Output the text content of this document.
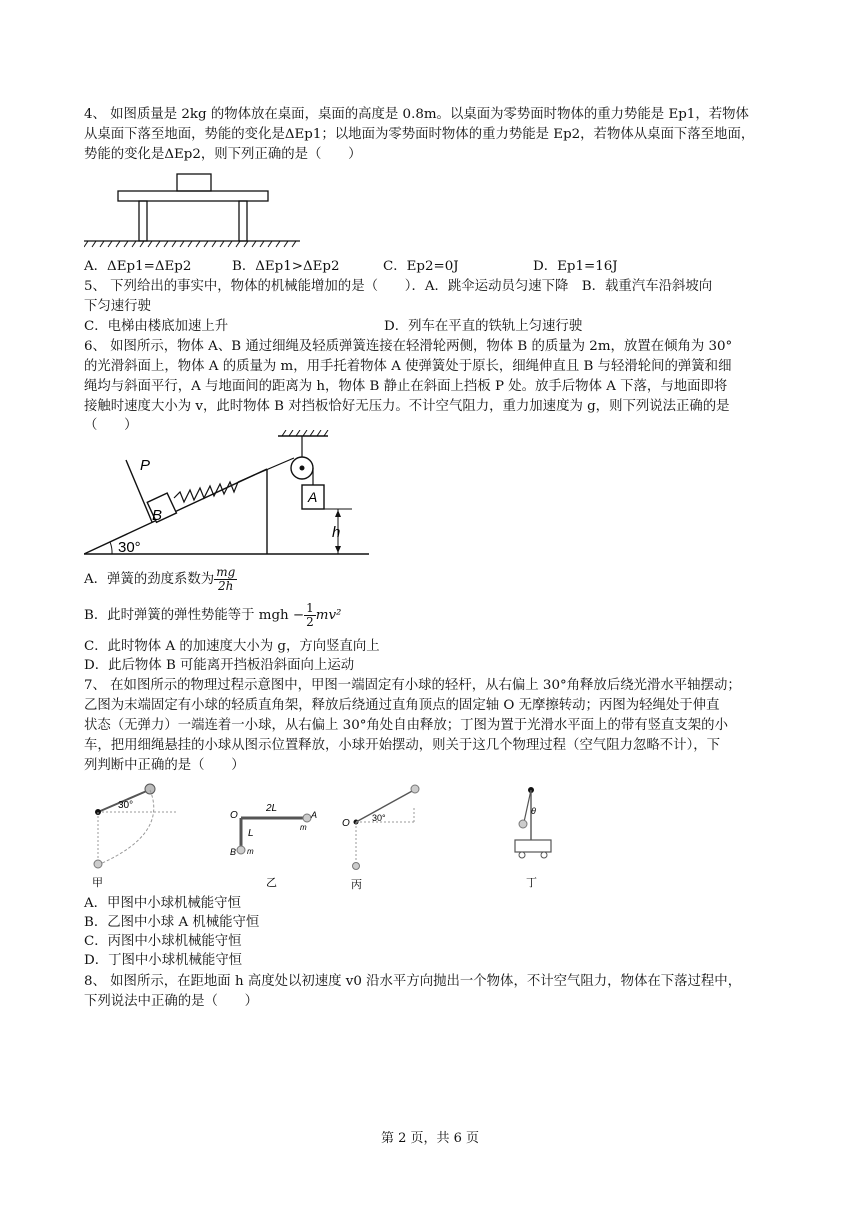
4、 如图质量是 2kg 的物体放在桌面，桌面的高度是 0.8m。以桌面为零势面时物体的重力势能是 Ep1，若物体
从桌面下落至地面，势能的变化是ΔEp1；以地面为零势面时物体的重力势能是 Ep2，若物体从桌面下落至地面，
势能的变化是ΔEp2，则下列正确的是（　　）
A．ΔEp1=ΔEp2	B．ΔEp1>ΔEp2	C．Ep2=0J	D．Ep1=16J
5、 下列给出的事实中，物体的机械能增加的是（　　）．A．跳伞运动员匀速下降　B．载重汽车沿斜坡向
下匀速行驶
C．电梯由楼底加速上升	D．列车在平直的铁轨上匀速行驶
6、 如图所示，物体 A、B 通过细绳及轻质弹簧连接在轻滑轮两侧，物体 B 的质量为 2m，放置在倾角为 30°
的光滑斜面上，物体 A 的质量为 m，用手托着物体 A 使弹簧处于原长，细绳伸直且 B 与轻滑轮间的弹簧和细
绳均与斜面平行，A 与地面间的距离为 h，物体 B 静止在斜面上挡板 P 处。放手后物体 A 下落，与地面即将
接触时速度大小为 v，此时物体 B 对挡板恰好无压力。不计空气阻力，重力加速度为 g，则下列说法正确的是
（　　）
30°
P
B
A
h
A．弹簧的劲度系数为 $\frac{mg}{2h}$
B．此时弹簧的弹性势能等于 mgh − $\frac{1}{2} mv^2$
C．此时物体 A 的加速度大小为 g，方向竖直向上
D．此后物体 B 可能离开挡板沿斜面向上运动
7、 在如图所示的物理过程示意图中，甲图一端固定有小球的轻杆，从右偏上 30°角释放后绕光滑水平轴摆动；
乙图为末端固定有小球的轻质直角架，释放后绕通过直角顶点的固定轴 O 无摩擦转动；丙图为轻绳处于伸直
状态（无弹力）一端连着一小球，从右偏上 30°角处自由释放；丁图为置于光滑水平面上的带有竖直支架的小
车，把用细绳悬挂的小球从图示位置释放，小球开始摆动，则关于这几个物理过程（空气阻力忽略不计），下
列判断中正确的是（　　）
30°
甲
O
2L
A
m
L
B m
乙
O 30°
丙
θ
丁
A．甲图中小球机械能守恒
B．乙图中小球 A 机械能守恒
C．丙图中小球机械能守恒
D．丁图中小球机械能守恒
8、 如图所示，在距地面 h 高度处以初速度 v0 沿水平方向抛出一个物体，不计空气阻力，物体在下落过程中，
下列说法中正确的是（　　）
第 2 页，共 6 页
